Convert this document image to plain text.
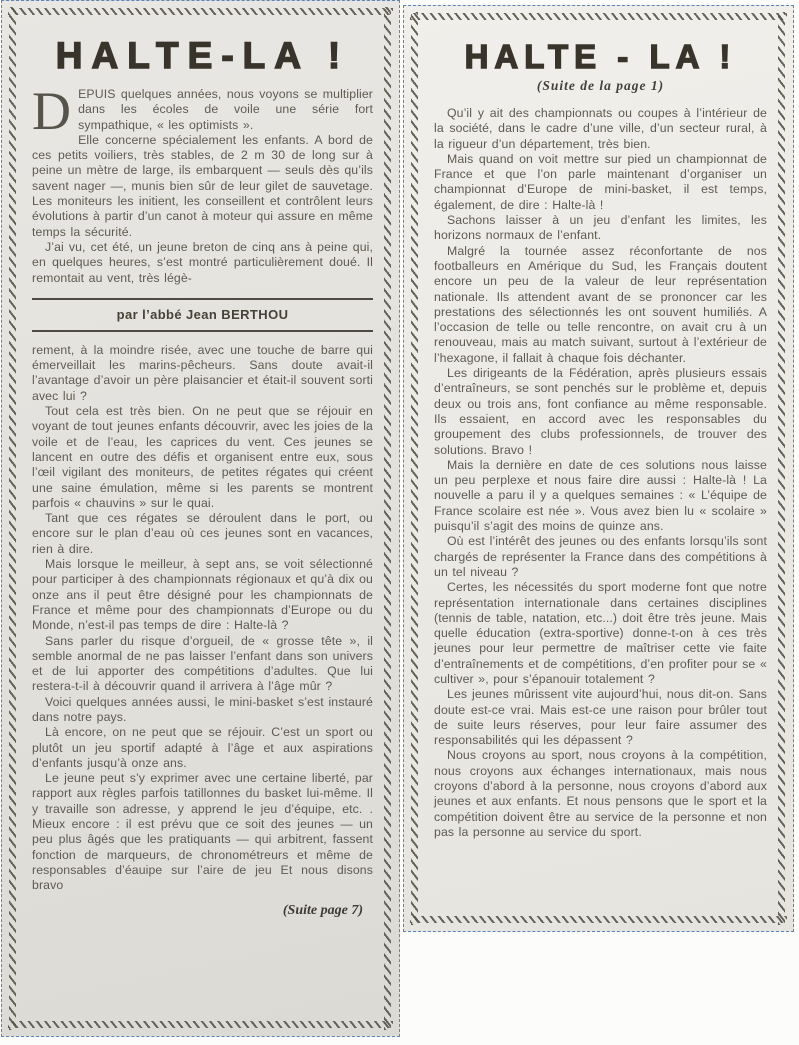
HALTE-LA !

DEPUIS quelques années, nous voyons se multiplier dans les écoles de voile une série fort sympathique, « les optimists ».

Elle concerne spécialement les enfants. A bord de ces petits voiliers, très stables, de 2 m 30 de long sur à peine un mètre de large, ils embarquent — seuls dès qu’ils savent nager —, munis bien sûr de leur gilet de sauvetage. Les moniteurs les initient, les conseillent et contrôlent leurs évolutions à partir d’un canot à moteur qui assure en même temps la sécurité.

J’ai vu, cet été, un jeune breton de cinq ans à peine qui, en quelques heures, s’est montré particulièrement doué. Il remontait au vent, très légè-

par l’abbé Jean BERTHOU

rement, à la moindre risée, avec une touche de barre qui émerveillait les marins-pêcheurs. Sans doute avait-il l’avantage d’avoir un père plaisancier et était-il souvent sorti avec lui ?

Tout cela est très bien. On ne peut que se réjouir en voyant de tout jeunes enfants découvrir, avec les joies de la voile et de l’eau, les caprices du vent. Ces jeunes se lancent en outre des défis et organisent entre eux, sous l’œil vigilant des moniteurs, de petites régates qui créent une saine émulation, même si les parents se montrent parfois « chauvins » sur le quai.

Tant que ces régates se déroulent dans le port, ou encore sur le plan d’eau où ces jeunes sont en vacances, rien à dire.

Mais lorsque le meilleur, à sept ans, se voit sélectionné pour participer à des championnats régionaux et qu’à dix ou onze ans il peut être désigné pour les championnats de France et même pour des championnats d’Europe ou du Monde, n’est-il pas temps de dire : Halte-là ?

Sans parler du risque d’orgueil, de « grosse tête », il semble anormal de ne pas laisser l’enfant dans son univers et de lui apporter des compétitions d’adultes. Que lui restera-t-il à découvrir quand il arrivera à l’âge mûr ?

Voici quelques années aussi, le mini-basket s’est instauré dans notre pays.

Là encore, on ne peut que se réjouir. C’est un sport ou plutôt un jeu sportif adapté à l’âge et aux aspirations d’enfants jusqu’à onze ans.

Le jeune peut s’y exprimer avec une certaine liberté, par rapport aux règles parfois tatillonnes du basket lui-même. Il y travaille son adresse, y apprend le jeu d’équipe, etc. . Mieux encore : il est prévu que ce soit des jeunes — un peu plus âgés que les pratiquants — qui arbitrent, fassent fonction de marqueurs, de chronométreurs et même de responsables d’éauipe sur l’aire de jeu Et nous disons bravo

(Suite page 7)
HALTE - LA !
(Suite de la page 1)

Qu’il y ait des championnats ou coupes à l’intérieur de la société, dans le cadre d’une ville, d’un secteur rural, à la rigueur d’un département, très bien.

Mais quand on voit mettre sur pied un championnat de France et que l’on parle maintenant d’organiser un championnat d’Europe de mini-basket, il est temps, également, de dire : Halte-là !

Sachons laisser à un jeu d’enfant les limites, les horizons normaux de l’enfant.

Malgré la tournée assez réconfortante de nos footballeurs en Amérique du Sud, les Français doutent encore un peu de la valeur de leur représentation nationale. Ils attendent avant de se prononcer car les prestations des sélectionnés les ont souvent humiliés. A l’occasion de telle ou telle rencontre, on avait cru à un renouveau, mais au match suivant, surtout à l’extérieur de l’hexagone, il fallait à chaque fois déchanter.

Les dirigeants de la Fédération, après plusieurs essais d’entraîneurs, se sont penchés sur le problème et, depuis deux ou trois ans, font confiance au même responsable. Ils essaient, en accord avec les responsables du groupement des clubs professionnels, de trouver des solutions. Bravo !

Mais la dernière en date de ces solutions nous laisse un peu perplexe et nous faire dire aussi : Halte-là ! La nouvelle a paru il y a quelques semaines : « L’équipe de France scolaire est née ». Vous avez bien lu « scolaire » puisqu’il s’agit des moins de quinze ans.

Où est l’intérêt des jeunes ou des enfants lorsqu’ils sont chargés de représenter la France dans des compétitions à un tel niveau ?

Certes, les nécessités du sport moderne font que notre représentation internationale dans certaines disciplines (tennis de table, natation, etc...) doit être très jeune. Mais quelle éducation (extra-sportive) donne-t-on à ces très jeunes pour leur permettre de maîtriser cette vie faite d’entraînements et de compétitions, d’en profiter pour se « cultiver », pour s’épanouir totalement ?

Les jeunes mûrissent vite aujourd’hui, nous dit-on. Sans doute est-ce vrai. Mais est-ce une raison pour brûler tout de suite leurs réserves, pour leur faire assumer des responsabilités qui les dépassent ?

Nous croyons au sport, nous croyons à la compétition, nous croyons aux échanges internationaux, mais nous croyons d’abord à la personne, nous croyons d’abord aux jeunes et aux enfants. Et nous pensons que le sport et la compétition doivent être au service de la personne et non pas la personne au service du sport.
